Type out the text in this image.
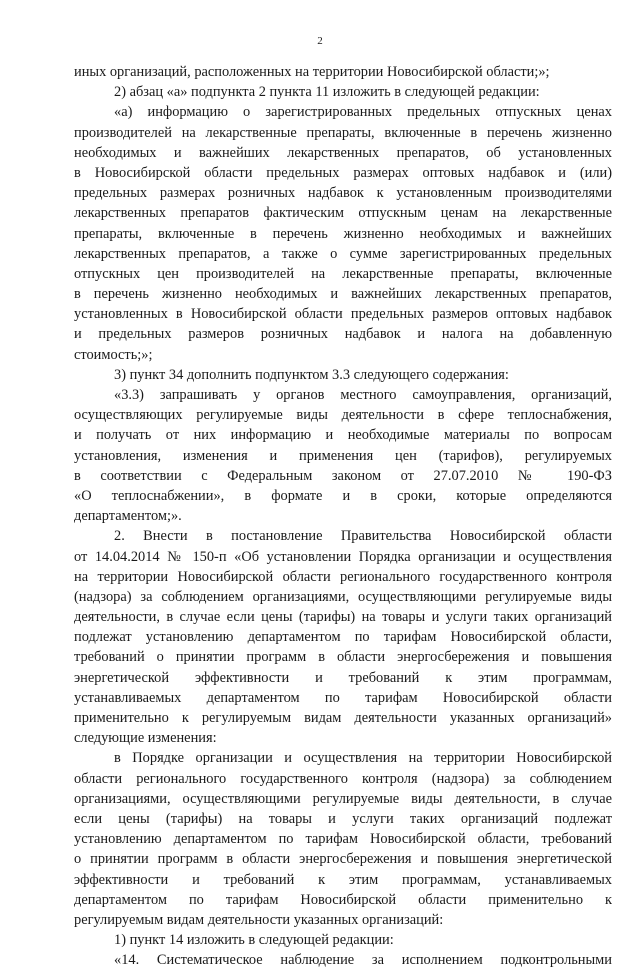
2
иных организаций, расположенных на территории Новосибирской области;»;
2) абзац «а» подпункта 2 пункта 11 изложить в следующей редакции:
«а) информацию о зарегистрированных предельных отпускных ценах
производителей на лекарственные препараты, включенные в перечень жизненно
необходимых и важнейших лекарственных препаратов, об установленных
в Новосибирской области предельных размерах оптовых надбавок и (или)
предельных размерах розничных надбавок к установленным производителями
лекарственных препаратов фактическим отпускным ценам на лекарственные
препараты, включенные в перечень жизненно необходимых и важнейших
лекарственных препаратов, а также о сумме зарегистрированных предельных
отпускных цен производителей на лекарственные препараты, включенные
в перечень жизненно необходимых и важнейших лекарственных препаратов,
установленных в Новосибирской области предельных размеров оптовых надбавок
и предельных размеров розничных надбавок и налога на добавленную
стоимость;»;
3) пункт 34 дополнить подпунктом 3.3 следующего содержания:
«3.3) запрашивать у органов местного самоуправления, организаций,
осуществляющих регулируемые виды деятельности в сфере теплоснабжения,
и получать от них информацию и необходимые материалы по вопросам
установления, изменения и применения цен (тарифов), регулируемых
в соответствии с Федеральным законом от 27.07.2010 № 190-ФЗ
«О теплоснабжении», в формате и в сроки, которые определяются
департаментом;».
2. Внести в постановление Правительства Новосибирской области
от 14.04.2014 № 150-п «Об установлении Порядка организации и осуществления
на территории Новосибирской области регионального государственного контроля
(надзора) за соблюдением организациями, осуществляющими регулируемые виды
деятельности, в случае если цены (тарифы) на товары и услуги таких организаций
подлежат установлению департаментом по тарифам Новосибирской области,
требований о принятии программ в области энергосбережения и повышения
энергетической эффективности и требований к этим программам,
устанавливаемых департаментом по тарифам Новосибирской области
применительно к регулируемым видам деятельности указанных организаций»
следующие изменения:
в Порядке организации и осуществления на территории Новосибирской
области регионального государственного контроля (надзора) за соблюдением
организациями, осуществляющими регулируемые виды деятельности, в случае
если цены (тарифы) на товары и услуги таких организаций подлежат
установлению департаментом по тарифам Новосибирской области, требований
о принятии программ в области энергосбережения и повышения энергетической
эффективности и требований к этим программам, устанавливаемых
департаментом по тарифам Новосибирской области применительно к
регулируемым видам деятельности указанных организаций:
1) пункт 14 изложить в следующей редакции:
«14. Систематическое наблюдение за исполнением подконтрольными
